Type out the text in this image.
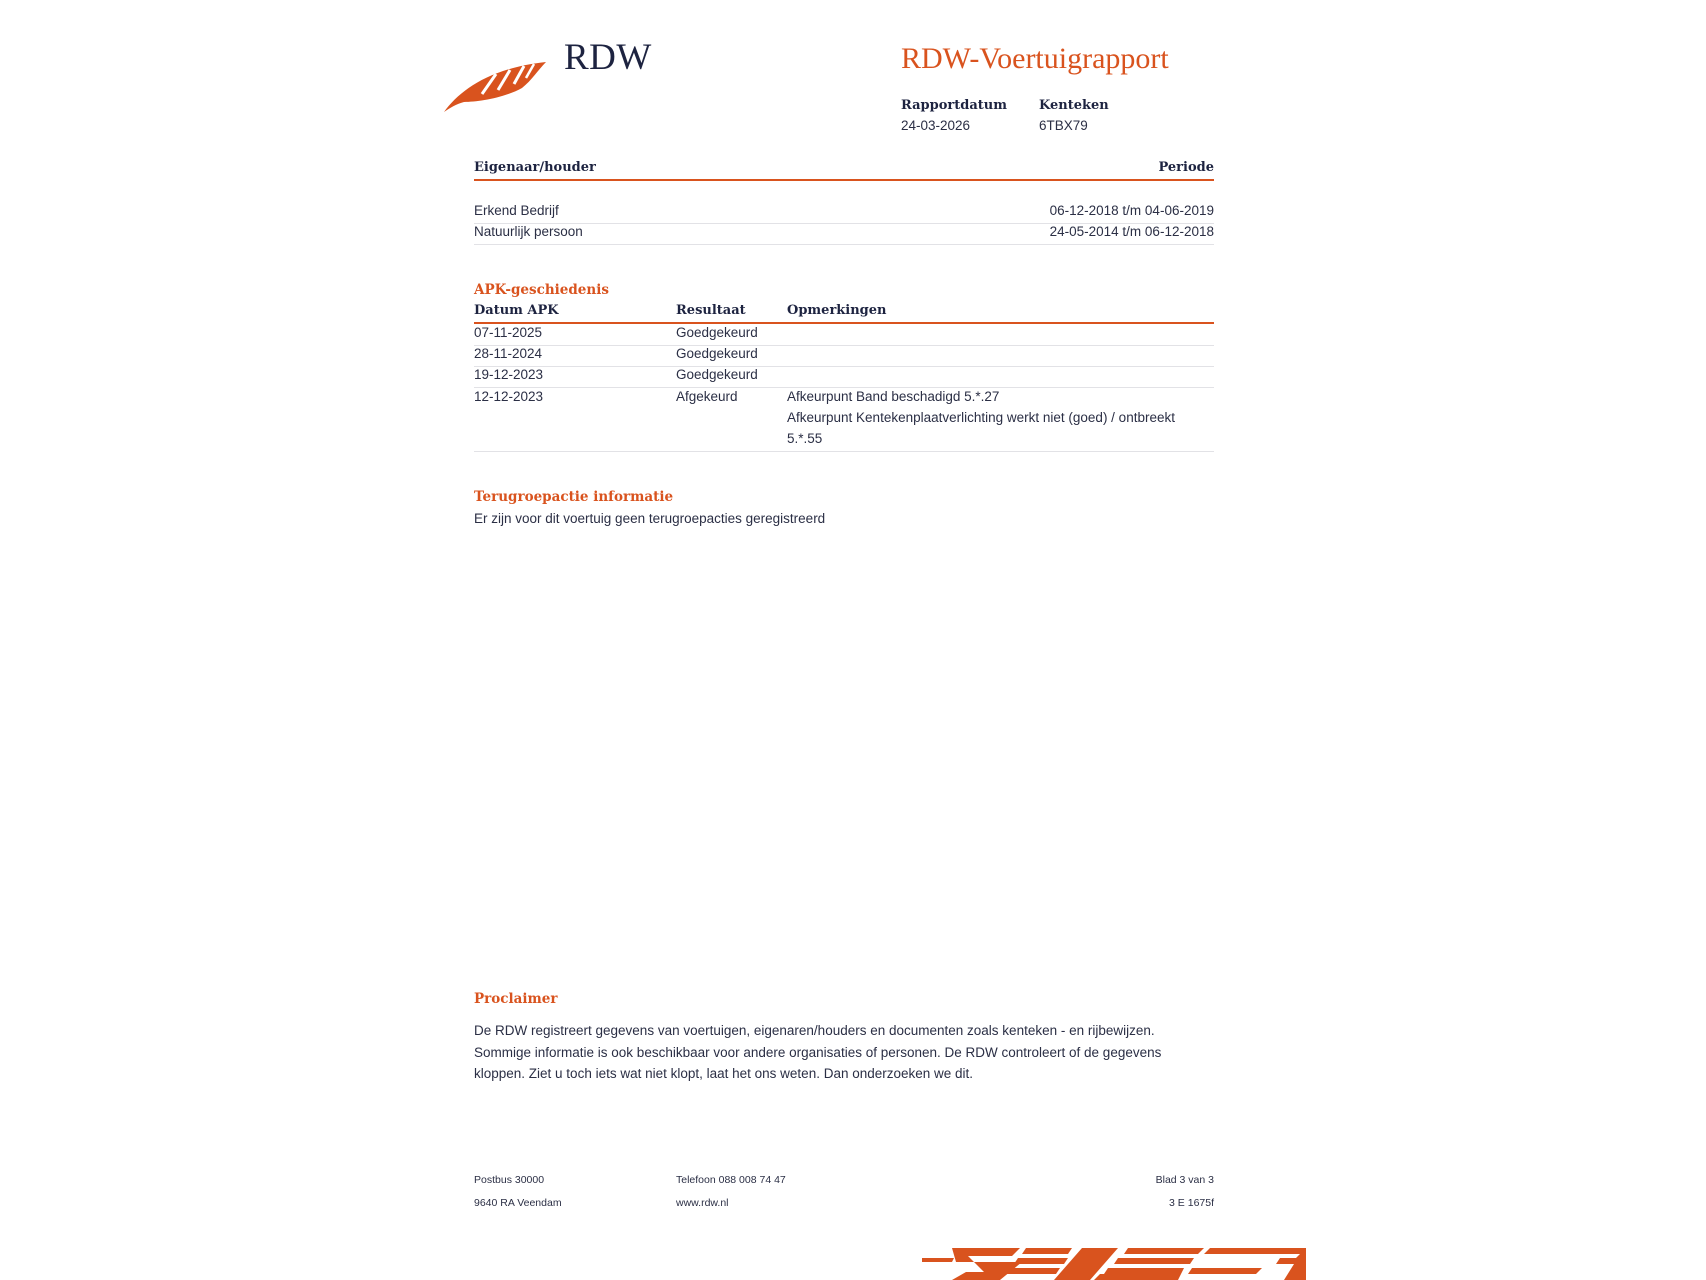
RDW	RDW-Voertuigrapport
Rapportdatum
24-03-2026
Kenteken
6TBX79
Eigenaar/houder	Periode
Erkend Bedrijf	06-12-2018 t/m 04-06-2019
Natuurlijk persoon	24-05-2014 t/m 06-12-2018
APK-geschiedenis
Datum APK	Resultaat	Opmerkingen
07-11-2025	Goedgekeurd
28-11-2024	Goedgekeurd
19-12-2023	Goedgekeurd
12-12-2023	Afgekeurd	Afkeurpunt Band beschadigd 5.*.27
Afkeurpunt Kentekenplaatverlichting werkt niet (goed) / ontbreekt
5.*.55
Terugroepactie informatie
Er zijn voor dit voertuig geen terugroepacties geregistreerd
Proclaimer
De RDW registreert gegevens van voertuigen, eigenaren/houders en documenten zoals kenteken - en rijbewijzen.
Sommige informatie is ook beschikbaar voor andere organisaties of personen. De RDW controleert of de gegevens
kloppen. Ziet u toch iets wat niet klopt, laat het ons weten. Dan onderzoeken we dit.
Postbus 30000
9640 RA Veendam
Telefoon 088 008 74 47
www.rdw.nl
Blad 3 van 3
3 E 1675f
